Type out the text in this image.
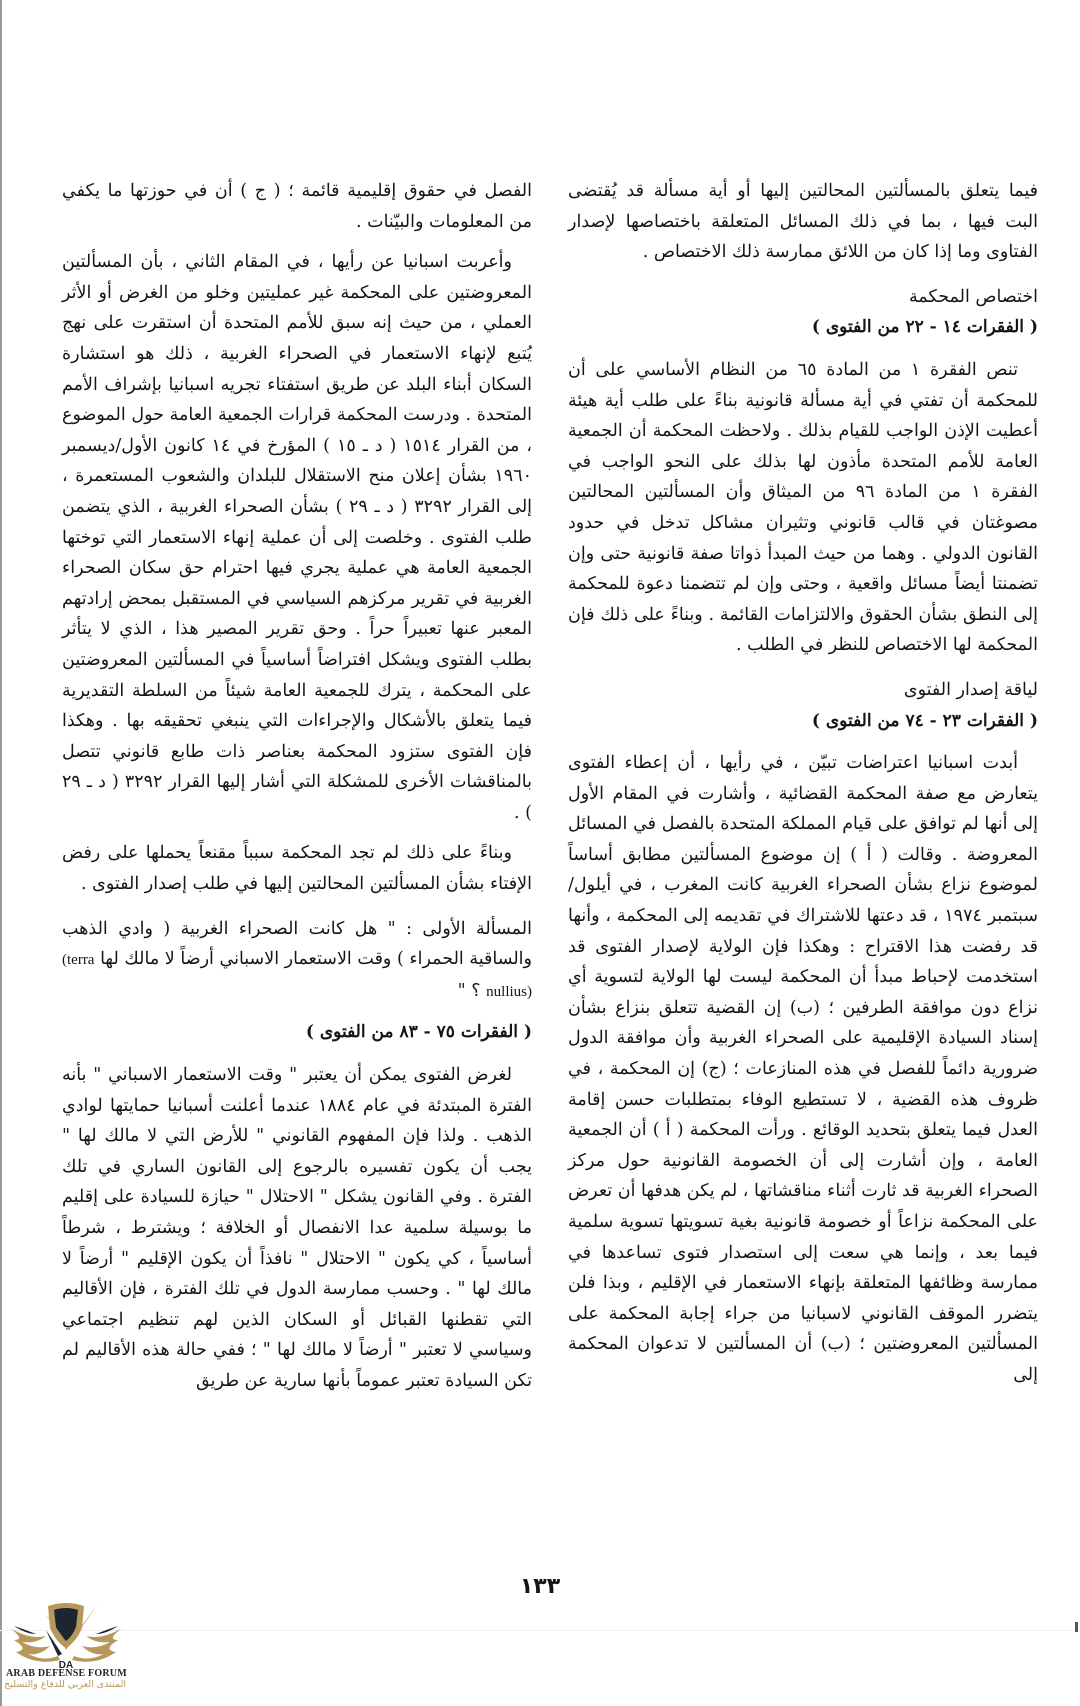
فيما يتعلق بالمسألتين المحالتين إليها أو أية مسألة قد يُقتضى البت فيها ، بما في ذلك المسائل المتعلقة باختصاصها لإصدار الفتاوى وما إذا كان من اللائق ممارسة ذلك الاختصاص .

اختصاص المحكمة

( الفقرات ١٤ - ٢٢ من الفتوى )

تنص الفقرة ١ من المادة ٦٥ من النظام الأساسي على أن للمحكمة أن تفتي في أية مسألة قانونية بناءً على طلب أية هيئة أعطيت الإذن الواجب للقيام بذلك . ولاحظت المحكمة أن الجمعية العامة للأمم المتحدة مأذون لها بذلك على النحو الواجب في الفقرة ١ من المادة ٩٦ من الميثاق وأن المسألتين المحالتين مصوغتان في قالب قانوني وتثيران مشاكل تدخل في حدود القانون الدولي . وهما من حيث المبدأ ذواتا صفة قانونية حتى وإن تضمنتا أيضاً مسائل واقعية ، وحتى وإن لم تتضمنا دعوة للمحكمة إلى النطق بشأن الحقوق والالتزامات القائمة . وبناءً على ذلك فإن المحكمة لها الاختصاص للنظر في الطلب .

لياقة إصدار الفتوى

( الفقرات ٢٣ - ٧٤ من الفتوى )

أبدت اسبانيا اعتراضات تبيّن ، في رأيها ، أن إعطاء الفتوى يتعارض مع صفة المحكمة القضائية ، وأشارت في المقام الأول إلى أنها لم توافق على قيام المملكة المتحدة بالفصل في المسائل المعروضة . وقالت ( أ ) إن موضوع المسألتين مطابق أساساً لموضوع نزاع بشأن الصحراء الغربية كانت المغرب ، في أيلول/سبتمبر ١٩٧٤ ، قد دعتها للاشتراك في تقديمه إلى المحكمة ، وأنها قد رفضت هذا الاقتراح : وهكذا فإن الولاية لإصدار الفتوى قد استخدمت لإحباط مبدأ أن المحكمة ليست لها الولاية لتسوية أي نزاع دون موافقة الطرفين ؛ (ب) إن القضية تتعلق بنزاع بشأن إسناد السيادة الإقليمية على الصحراء الغربية وأن موافقة الدول ضرورية دائماً للفصل في هذه المنازعات ؛ (ج) إن المحكمة ، في ظروف هذه القضية ، لا تستطيع الوفاء بمتطلبات حسن إقامة العدل فيما يتعلق بتحديد الوقائع . ورأت المحكمة ( أ ) أن الجمعية العامة ، وإن أشارت إلى أن الخصومة القانونية حول مركز الصحراء الغربية قد ثارت أثناء مناقشاتها ، لم يكن هدفها أن تعرض على المحكمة نزاعاً أو خصومة قانونية بغية تسويتها تسوية سلمية فيما بعد ، وإنما هي سعت إلى استصدار فتوى تساعدها في ممارسة وظائفها المتعلقة بإنهاء الاستعمار في الإقليم ، وبذا فلن يتضرر الموقف القانوني لاسبانيا من جراء إجابة المحكمة على المسألتين المعروضتين ؛ (ب) أن المسألتين لا تدعوان المحكمة إلى

الفصل في حقوق إقليمية قائمة ؛ ( ج ) أن في حوزتها ما يكفي من المعلومات والبيّنات .

وأعربت اسبانيا عن رأيها ، في المقام الثاني ، بأن المسألتين المعروضتين على المحكمة غير عمليتين وخلو من الغرض أو الأثر العملي ، من حيث إنه سبق للأمم المتحدة أن استقرت على نهج يُتبع لإنهاء الاستعمار في الصحراء الغربية ، ذلك هو استشارة السكان أبناء البلد عن طريق استفتاء تجريه اسبانيا بإشراف الأمم المتحدة . ودرست المحكمة قرارات الجمعية العامة حول الموضوع ، من القرار ١٥١٤ ( د ـ ١٥ ) المؤرخ في ١٤ كانون الأول/ديسمبر ١٩٦٠ بشأن إعلان منح الاستقلال للبلدان والشعوب المستعمرة ، إلى القرار ٣٢٩٢ ( د ـ ٢٩ ) بشأن الصحراء الغربية ، الذي يتضمن طلب الفتوى . وخلصت إلى أن عملية إنهاء الاستعمار التي توختها الجمعية العامة هي عملية يجري فيها احترام حق سكان الصحراء الغربية في تقرير مركزهم السياسي في المستقبل بمحض إرادتهم المعبر عنها تعبيراً حراً . وحق تقرير المصير هذا ، الذي لا يتأثر بطلب الفتوى ويشكل افتراضاً أساسياً في المسألتين المعروضتين على المحكمة ، يترك للجمعية العامة شيئاً من السلطة التقديرية فيما يتعلق بالأشكال والإجراءات التي ينبغي تحقيقه بها . وهكذا فإن الفتوى ستزود المحكمة بعناصر ذات طابع قانوني تتصل بالمناقشات الأخرى للمشكلة التي أشار إليها القرار ٣٢٩٢ ( د ـ ٢٩ ) .

وبناءً على ذلك لم تجد المحكمة سبباً مقنعاً يحملها على رفض الإفتاء بشأن المسألتين المحالتين إليها في طلب إصدار الفتوى .

المسألة الأولى : " هل كانت الصحراء الغربية ( وادي الذهب والساقية الحمراء ) وقت الاستعمار الاسباني أرضاً لا مالك لها (terra nullius) ؟ "

( الفقرات ٧٥ - ٨٣ من الفتوى )

لغرض الفتوى يمكن أن يعتبر " وقت الاستعمار الاسباني " بأنه الفترة المبتدئة في عام ١٨٨٤ عندما أعلنت أسبانيا حمايتها لوادي الذهب . ولذا فإن المفهوم القانوني " للأرض التي لا مالك لها " يجب أن يكون تفسيره بالرجوع إلى القانون الساري في تلك الفترة . وفي القانون يشكل " الاحتلال " حيازة للسيادة على إقليم ما بوسيلة سلمية عدا الانفصال أو الخلافة ؛ ويشترط ، شرطاً أساسياً ، كي يكون " الاحتلال " نافذاً أن يكون الإقليم " أرضاً لا مالك لها " . وحسب ممارسة الدول في تلك الفترة ، فإن الأقاليم التي تقطنها القبائل أو السكان الذين لهم تنظيم اجتماعي وسياسي لا تعتبر " أرضاً لا مالك لها " ؛ ففي حالة هذه الأقاليم لم تكن السيادة تعتبر عموماً بأنها سارية عن طريق

١٣٣
DA
ARAB DEFENSE FORUM
المنتدى العربي للدفاع والتسليح
